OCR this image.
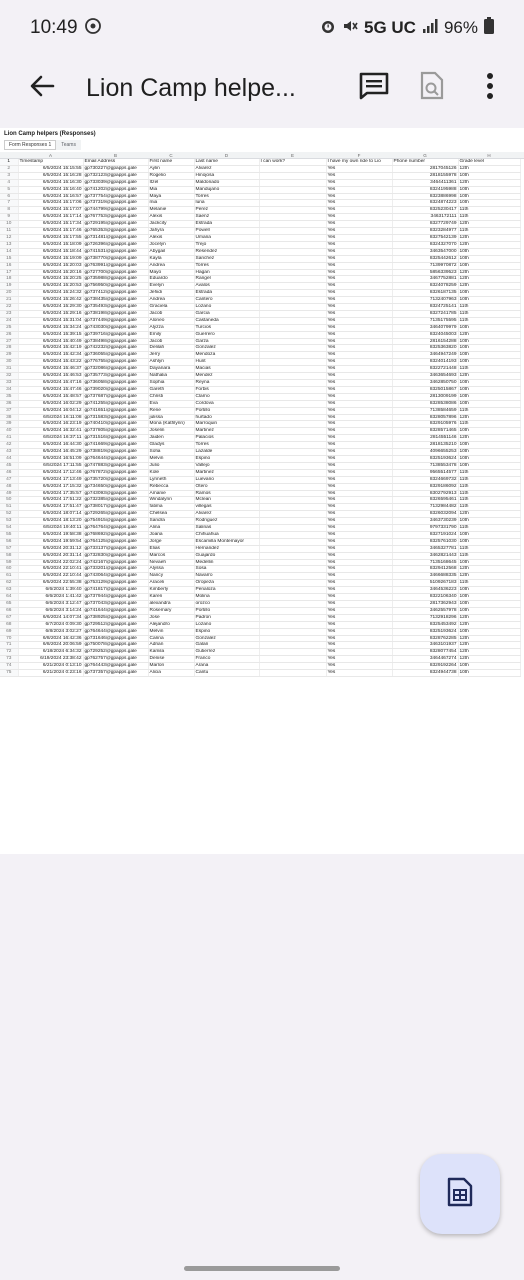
10:49	5G UC 96%
Lion Camp helpe...
Lion Camp helpers (Responses)
Form Responses 1	Teams
A	B	C	D	E	F	G	H
1	Timestamp	Email Address	First name	Last name	I can work?	I have my own ride to Lio	Phone number	Grade level
2	6/5/2024 15:15:55	gp730227@gpapps.gale	Aylin	Alvarez		Yes	2817045126	12th
3	6/5/2024 15:16:28	gp732123@gpapps.gale	Rogelio	Hinojosa		Yes	2818155978	10th
4	6/5/2024 15:16:30	gp733039@gpapps.gale	Itzel	Maldonado		Yes	3464411361	12th
5	6/5/2024 15:16:40	gp741202@gpapps.gale	Mia	Mandujano		Yes	8324195988	10th
6	6/5/2024 15:16:57	gp737754@gpapps.gale	Maya	Torres		Yes	8323886998	10th
7	6/5/2024 15:17:06	gp737319@gpapps.gale	mia	luna		Yes	8324874223	10th
8	6/5/2024 15:17:07	gp744799@gpapps.gale	Melanie	Perez		Yes	8325230417	11th
9	6/5/2024 15:17:14	gp767753@gpapps.gale	Alexis	Saenz		Yes	3463172111	11th
10	6/5/2024 15:17:34	gp729195@gpapps.gale	Jackcity	Estrada		Yes	8327729749	12th
11	6/5/2024 15:17:46	gp765353@gpapps.gale	Jahyra	Powell		Yes	8323284977	11th
12	6/5/2024 15:17:55	gp731481@gpapps.gale	Alexis	Umana		Yes	8327542139	12th
13	6/5/2024 15:18:09	gp726396@gpapps.gale	Jocelyn	Trejo		Yes	8324327070	12th
14	6/5/2024 15:18:44	gp741531@gpapps.gale	Abygail	Resendez		Yes	3463547000	10th
15	6/5/2024 15:19:09	gp738770@gpapps.gale	Kayla	Sanchez		Yes	8325442612	10th
16	6/5/2024 15:20:03	gp763991@gpapps.gale	Andrea	Torres		Yes	7139970872	10th
17	6/5/2024 15:20:16	gp727700@gpapps.gale	Mayo	Hagan		Yes	5856339523	12th
18	6/5/2024 15:20:25	gp735988@gpapps.gale	Eduardo	Rangel		Yes	3467752881	12th
19	6/5/2024 15:20:53	gp756950@gpapps.gale	Evelyn	Avalos		Yes	8324078259	12th
20	6/5/2024 15:24:32	gp737412@gpapps.gale	Jehidi	Estrada		Yes	8326187135	10th
21	6/5/2024 15:26:42	gp738435@gpapps.gale	Andrea	Cantero		Yes	7132407963	10th
22	6/5/2024 15:29:30	gp735493@gpapps.gale	Graciela	Lozano		Yes	8324725141	11th
23	6/5/2024 15:29:16	gp738198@gpapps.gale	Jacob	Garcia		Yes	8327241785	11th
24	6/5/2024 15:31:04	gp737449@gpapps.gale	Aloneo	Castaneda		Yes	7135175595	11th
25	6/5/2024 15:34:24	gp743030@gpapps.gale	Alyzza	Turcios		Yes	3464079979	10th
26	6/5/2024 15:39:15	gp739716@gpapps.gale	Emily	Guerrero		Yes	8324045003	12th
27	6/5/2024 15:40:49	gp738498@gpapps.gale	Jacob	Garza		Yes	2816154288	10th
28	6/5/2024 15:42:19	gp742232@gpapps.gale	Delilah	Gonzalez		Yes	8325363820	10th
29	6/5/2024 15:42:34	gp736055@gpapps.gale	Jerry	Mendoza		Yes	3464947249	10th
30	6/5/2024 15:43:22	gp776755@gpapps.gale	Ashlyn	Hunt		Yes	8324014193	10th
31	6/5/2024 15:46:37	gp732086@gpapps.gale	Dayanara	Macias		Yes	8322721448	11th
32	6/5/2024 15:46:53	gp735773@gpapps.gale	Nathalia	Mendez		Yes	3463654693	12th
33	6/5/2024 15:47:16	gp736058@gpapps.gale	Sophia	Reyna		Yes	3462850750	10th
34	6/5/2024 15:47:46	gp739020@gpapps.gale	Gareth	Forbis		Yes	8325015867	10th
35	6/5/2024 15:48:57	gp737687@gpapps.gale	Christi	Clarno		Yes	2813009199	10th
36	6/5/2024 16:02:29	gp741255@gpapps.gale	Eva	Cordova		Yes	8328538086	10th
37	6/5/2024 16:04:12	gp741651@gpapps.gale	Rene	Portillo		Yes	7138584659	11th
38	6/5/2024 16:11:08	gp731583@gpapps.gale	julissa	hurtado		Yes	8328057896	12th
39	6/5/2024 16:23:19	gp740410@gpapps.gale	Mona (Kathlynn)	Marroquin		Yes	8329105976	11th
40	6/5/2024 16:32:41	gp737805@gpapps.gale	Joselin	Martinez		Yes	8328571465	10th
41	6/5/2024 16:37:11	gp731516@gpapps.gale	Jaiden	Palacios		Yes	2814551146	12th
42	6/5/2024 16:44:30	gp741669@gpapps.gale	Gladys	Torres		Yes	2818135210	10th
43	6/5/2024 16:45:29	gp738819@gpapps.gale	Sofia	Lazalde		Yes	4096655253	10th
44	6/5/2024 16:51:09	gp764644@gpapps.gale	Melvin	Espino		Yes	8325193624	10th
45	6/5/2024 17:11:55	gp747883@gpapps.gale	Julio	Vallejo		Yes	7138553478	10th
46	6/5/2024 17:12:46	gp767872@gpapps.gale	Kole	Martinez		Yes	9565514577	11th
47	6/5/2024 17:13:49	gp735720@gpapps.gale	Lynneth	Luevano		Yes	8324669732	11th
48	6/5/2024 17:15:32	gp734650@gpapps.gale	Rebecca	Otero		Yes	8329186092	11th
49	6/5/2024 17:35:57	gp743093@gpapps.gale	Amanie	Ramos		Yes	8302792913	11th
50	6/5/2024 17:51:22	gp732385@gpapps.gale	Windalynn	Mclean		Yes	8326595461	11th
51	6/5/2024 17:51:47	gp738017@gpapps.gale	fatima	villegas		Yes	7132984482	11th
52	6/5/2024 18:07:14	gp729265@gpapps.gale	Chelsea	Alvarez		Yes	8326032094	12th
53	6/5/2024 18:13:20	gp754915@gpapps.gale	Sandra	Rodriguez		Yes	3463730239	10th
54	6/5/2024 19:40:11	gp764764@gpapps.gale	Alina	Salinas		Yes	9797331790	11th
55	6/5/2024 19:58:38	gp768692@gpapps.gale	Joana	Chihuahua		Yes	8327191024	10th
56	6/5/2024 19:59:54	gp764125@gpapps.gale	Jorge	Escamilla Montemayor		Yes	8325761030	10th
57	6/5/2024 20:31:12	gp733137@gpapps.gale	Elias	Hernandez		Yes	3465327781	11th
58	6/5/2024 20:31:14	gp732830@gpapps.gale	Marcos	Guajardo		Yes	3462821443	11th
59	6/5/2024 22:02:24	gp742167@gpapps.gale	Nevaeh	Medellin		Yes	7135168645	10th
60	6/5/2024 22:10:41	gp733201@gpapps.gale	Alyssa	Sosa		Yes	8329412568	12th
61	6/5/2024 22:10:44	gp743064@gpapps.gale	Nancy	Navarro		Yes	3466688335	12th
62	6/5/2024 22:55:38	gp753129@gpapps.gale	Araceli	Oropeza		Yes	5109267183	11th
63	6/6/2024 1:39:40	gp741817@gpapps.gale	Kimberly	Penaloza		Yes	3464536223	10th
64	6/6/2024 1:41:42	gp737944@gpapps.gale	Karen	Molina		Yes	8322106340	10th
65	6/6/2024 3:12:47	gp737043@gpapps.gale	alexandra	orozco		Yes	2817362943	10th
66	6/6/2024 3:14:24	gp741644@gpapps.gale	Rosemary	Portillo		Yes	3462557978	10th
67	6/6/2024 14:07:34	gp738925@gpapps.gale	Jose	Padron		Yes	7132918296	12th
68	6/7/2024 0:09:30	gp729512@gpapps.gale	Alejandro	Lozano		Yes	8325453492	12th
69	6/8/2024 3:02:27	gp764644@gpapps.gale	Melvin	Espino		Yes	8325193624	10th
70	6/8/2024 16:42:36	gp731646@gpapps.gale	Carina	Gonzalez		Yes	8328762285	12th
71	6/8/2024 20:06:59	gp750078@gpapps.gale	Adrian	Galan		Yes	3463101937	12th
72	6/18/2024 6:34:32	gp729252@gpapps.gale	Kamila	Gutierrez		Yes	8328077454	12th
73	6/19/2024 23:38:42	gp762757@gpapps.gale	Denise	Franco		Yes	3464467274	12th
74	6/21/2024 0:13:10	gp764443@gpapps.gale	Marlon	Arana		Yes	8329192264	10th
75	6/21/2024 0:23:16	gp737357@gpapps.gale	Alicia	Cantu		Yes	8324944738	10th
